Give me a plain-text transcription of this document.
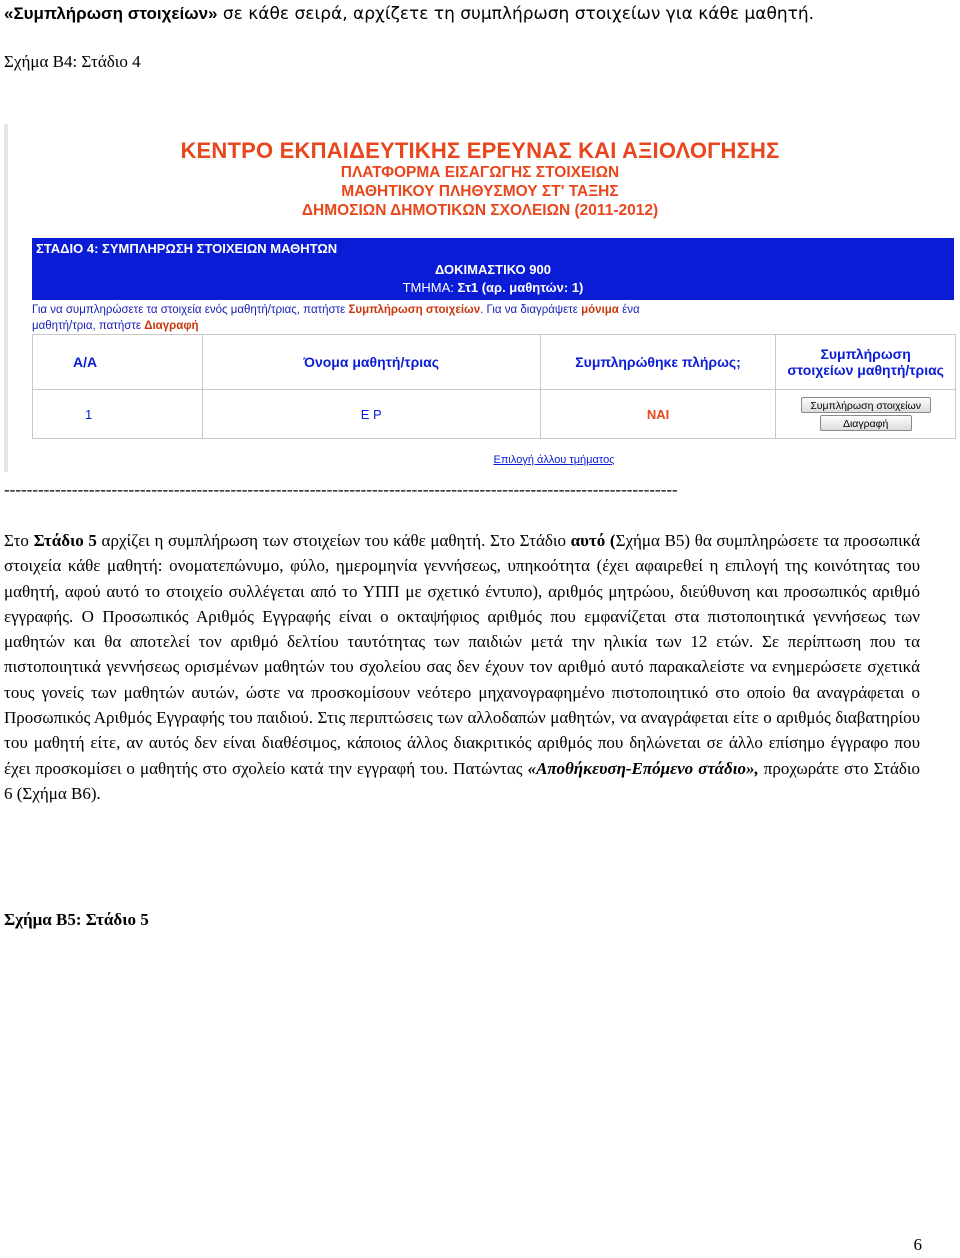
«Συμπλήρωση στοιχείων» σε κάθε σειρά, αρχίζετε τη συμπλήρωση στοιχείων για κάθε μαθητή.
Σχήμα Β4: Στάδιο 4
ΚΕΝΤΡΟ ΕΚΠΑΙΔΕΥΤΙΚΗΣ ΕΡΕΥΝΑΣ ΚΑΙ ΑΞΙΟΛΟΓΗΣΗΣ
ΠΛΑΤΦΟΡΜΑ ΕΙΣΑΓΩΓΗΣ ΣΤΟΙΧΕΙΩΝ
ΜΑΘΗΤΙΚΟΥ ΠΛΗΘΥΣΜΟΥ ΣΤ' ΤΑΞΗΣ
ΔΗΜΟΣΙΩΝ ΔΗΜΟΤΙΚΩΝ ΣΧΟΛΕΙΩΝ (2011-2012)
ΣΤΑΔΙΟ 4: ΣΥΜΠΛΗΡΩΣΗ ΣΤΟΙΧΕΙΩΝ ΜΑΘΗΤΩΝ
ΔΟΚΙΜΑΣΤΙΚΟ 900
ΤΜΗΜΑ: Στ1 (αρ. μαθητών: 1)
Για να συμπληρώσετε τα στοιχεία ενός μαθητή/τριας, πατήστε Συμπλήρωση στοιχείων. Για να διαγράψετε μόνιμα ένα μαθητή/τρια, πατήστε Διαγραφή
Α/Α	Όνομα μαθητή/τριας	Συμπληρώθηκε πλήρως;	Συμπλήρωση στοιχείων μαθητή/τριας
1	Ε Ρ	ΝΑΙ	Συμπλήρωση στοιχείων
Διαγραφή
Επιλογή άλλου τμήματος
-----------------------------------------------------------------------------------------------------------------------

Στο Στάδιο 5 αρχίζει η συμπλήρωση των στοιχείων του κάθε μαθητή. Στο Στάδιο αυτό (Σχήμα Β5) θα συμπληρώσετε τα προσωπικά στοιχεία κάθε μαθητή: ονοματεπώνυμο, φύλο, ημερομηνία γεννήσεως, υπηκοότητα (έχει αφαιρεθεί η επιλογή της κοινότητας του μαθητή, αφού αυτό το στοιχείο συλλέγεται από το ΥΠΠ με σχετικό έντυπο), αριθμός μητρώου, διεύθυνση και προσωπικός αριθμό εγγραφής. Ο Προσωπικός Αριθμός Εγγραφής είναι ο οκταψήφιος αριθμός που εμφανίζεται στα πιστοποιητικά γεννήσεως των μαθητών και θα αποτελεί τον αριθμό δελτίου ταυτότητας των παιδιών μετά την ηλικία των 12 ετών. Σε περίπτωση που τα πιστοποιητικά γεννήσεως ορισμένων μαθητών του σχολείου σας δεν έχουν τον αριθμό αυτό παρακαλείστε να ενημερώσετε σχετικά τους γονείς των μαθητών αυτών, ώστε να προσκομίσουν νεότερο μηχανογραφημένο πιστοποιητικό στο οποίο θα αναγράφεται ο Προσωπικός Αριθμός Εγγραφής του παιδιού. Στις περιπτώσεις των αλλοδαπών μαθητών, να αναγράφεται είτε ο αριθμός διαβατηρίου του μαθητή είτε, αν αυτός δεν είναι διαθέσιμος, κάποιος άλλος διακριτικός αριθμός που δηλώνεται σε άλλο επίσημο έγγραφο που έχει προσκομίσει ο μαθητής στο σχολείο κατά την εγγραφή του. Πατώντας «Αποθήκευση-Επόμενο στάδιο», προχωράτε στο Στάδιο 6 (Σχήμα Β6).

Σχήμα Β5: Στάδιο 5
6
